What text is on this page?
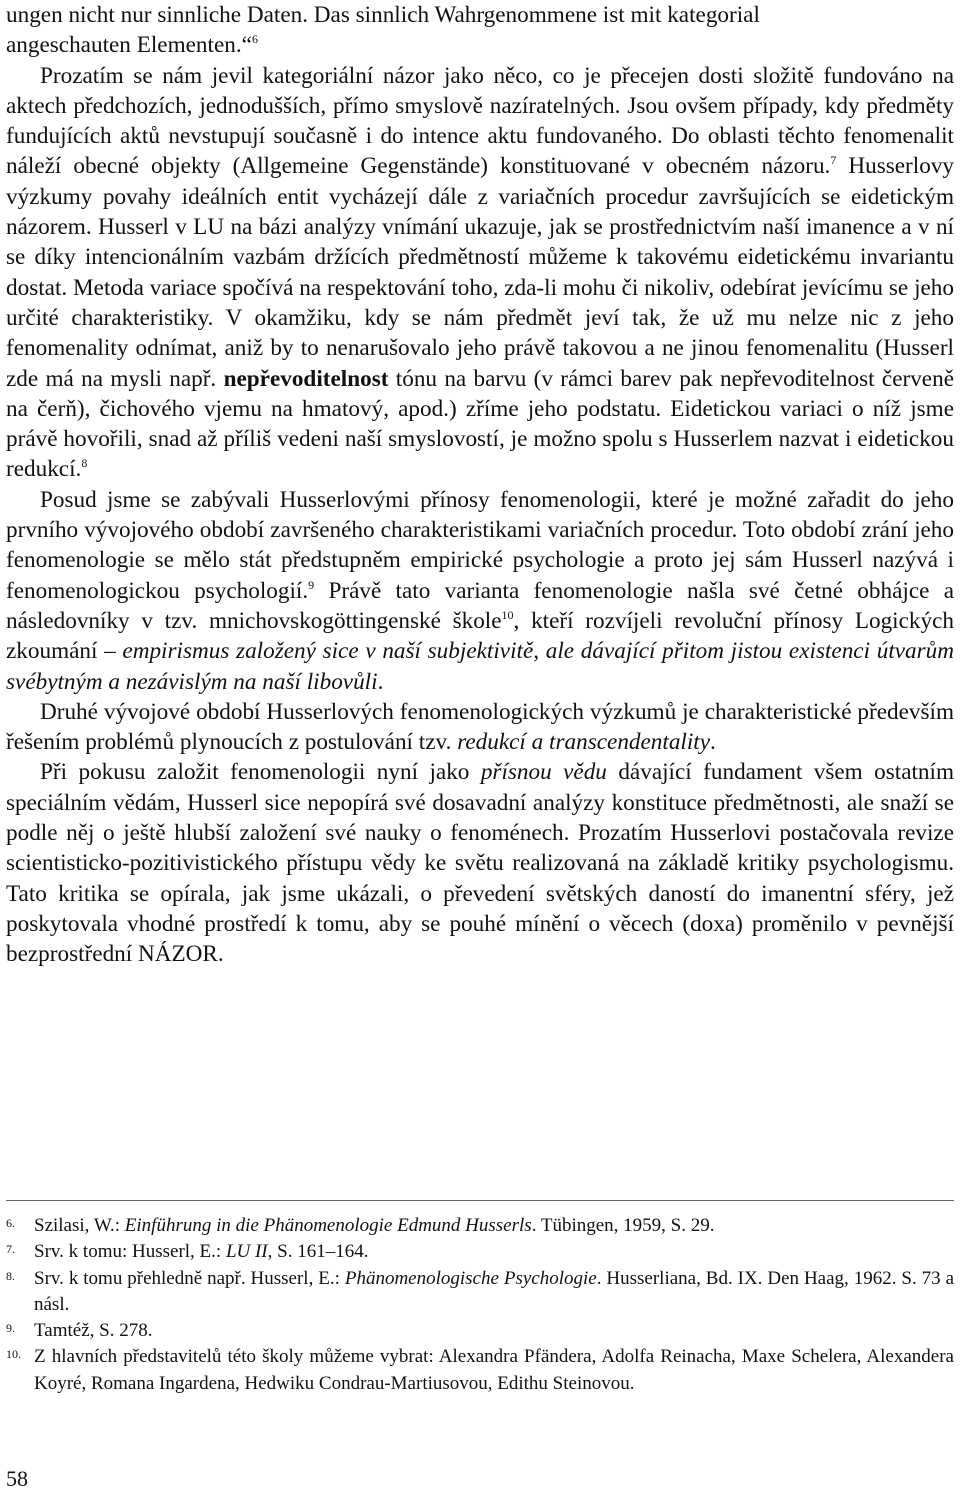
ungen nicht nur sinnliche Daten. Das sinnlich Wahrgenommene ist mit kategorial
angeschauten Elementen.“$^6$

Prozatím se nám jevil kategoriální názor jako něco, co je přecejen dosti složitě fundováno na aktech předchozích, jednodušších, přímo smyslově nazíratelných. Jsou ovšem případy, kdy předměty fundujících aktů nevstupují současně i do intence aktu fundovaného. Do oblasti těchto fenomenalit náleží obecné objekty (Allgemeine Gegenstände) konstituované v obecném názoru.$^7$ Husserlovy výzkumy povahy ideálních entit vycházejí dále z variačních procedur završujících se eidetickým názorem. Husserl v LU na bázi analýzy vnímání ukazuje, jak se prostřednictvím naší imanence a v ní se díky intencionálním vazbám držících předmětností můžeme k takovému eidetickému invariantu dostat. Metoda variace spočívá na respektování toho, zda-li mohu či nikoliv, odebírat jevícímu se jeho určité charakteristiky. V okamžiku, kdy se nám předmět jeví tak, že už mu nelze nic z jeho fenomenality odnímat, aniž by to nenarušovalo jeho právě takovou a ne jinou fenomenalitu (Husserl zde má na mysli např. nepřevoditelnost tónu na barvu (v rámci barev pak nepřevoditelnost červeně na čerň), čichového vjemu na hmatový, apod.) zříme jeho podstatu. Eidetickou variaci o níž jsme právě hovořili, snad až příliš vedeni naší smyslovostí, je možno spolu s Husserlem nazvat i eidetickou redukcí.$^8$

Posud jsme se zabývali Husserlovými přínosy fenomenologii, které je možné zařadit do jeho prvního vývojového období završeného charakteristikami variačních procedur. Toto období zrání jeho fenomenologie se mělo stát předstupněm empirické psychologie a proto jej sám Husserl nazývá i fenomenologickou psychologií.$^9$ Právě tato varianta fenomenologie našla své četné obhájce a následovníky v tzv. mnichovskogöttingenské škole$^{10}$, kteří rozvíjeli revoluční přínosy Logických zkoumání – empirismus založený sice v naší subjektivitě, ale dávající přitom jistou existenci útvarům svébytným a nezávislým na naší libovůli.

Druhé vývojové období Husserlových fenomenologických výzkumů je charakteristické především řešením problémů plynoucích z postulování tzv. redukcí a transcendentality.

Při pokusu založit fenomenologii nyní jako přísnou vědu dávající fundament všem ostatním speciálním vědám, Husserl sice nepopírá své dosavadní analýzy konstituce předmětnosti, ale snaží se podle něj o ještě hlubší založení své nauky o fenoménech. Prozatím Husserlovi postačovala revize scientisticko-pozitivistického přístupu vědy ke světu realizovaná na základě kritiky psychologismu. Tato kritika se opírala, jak jsme ukázali, o převedení světských daností do imanentní sféry, jež poskytovala vhodné prostředí k tomu, aby se pouhé mínění o věcech (doxa) proměnilo v pevnější bezprostřední NÁZOR.

6. Szilasi, W.: Einführung in die Phänomenologie Edmund Husserls. Tübingen, 1959, S. 29.
7. Srv. k tomu: Husserl, E.: LU II, S. 161–164.
8. Srv. k tomu přehledně např. Husserl, E.: Phänomenologische Psychologie. Husserliana, Bd. IX. Den Haag, 1962. S. 73 a násl.
9. Tamtéž, S. 278.
10. Z hlavních představitelů této školy můžeme vybrat: Alexandra Pfändera, Adolfa Reinacha, Maxe Schelera, Alexandera Koyré, Romana Ingardena, Hedwiku Condrau-Martiusovou, Edithu Steinovou.
58
